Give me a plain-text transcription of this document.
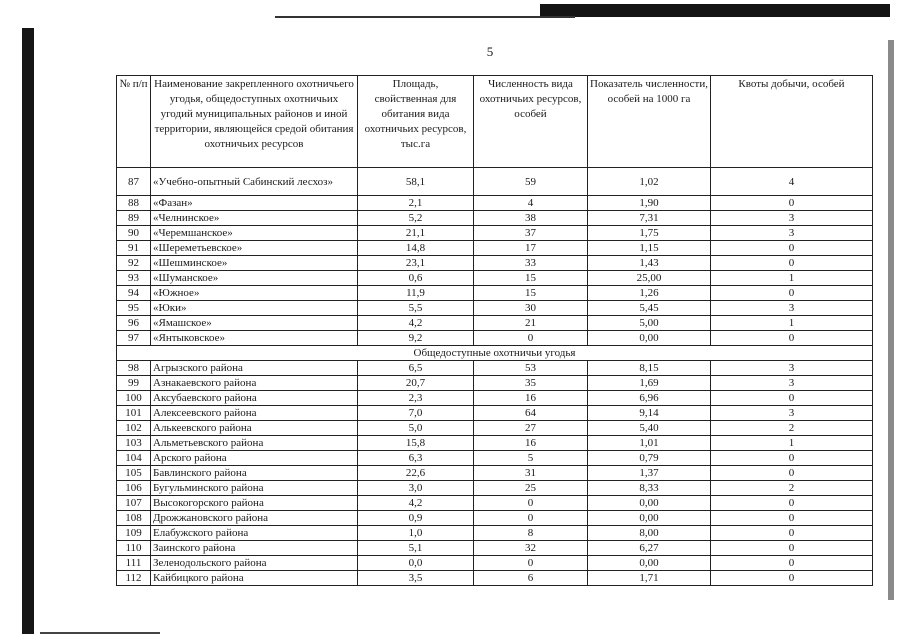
5
№ п/п	Наименование закрепленного охотничьего угодья, общедоступных охотничьих угодий муниципальных районов и иной территории, являющейся средой обитания охотничьих ресурсов	Площадь, свойственная для обитания вида охотничьих ресурсов, тыс.га	Численность вида охотничьих ресурсов, особей	Показатель численности, особей на 1000 га	Квоты добычи, особей
87	«Учебно-опытный Сабинский лесхоз»	58,1	59	1,02	4
88	«Фазан»	2,1	4	1,90	0
89	«Челнинское»	5,2	38	7,31	3
90	«Черемшанское»	21,1	37	1,75	3
91	«Шереметьевское»	14,8	17	1,15	0
92	«Шешминское»	23,1	33	1,43	0
93	«Шуманское»	0,6	15	25,00	1
94	«Южное»	11,9	15	1,26	0
95	«Юки»	5,5	30	5,45	3
96	«Ямашское»	4,2	21	5,00	1
97	«Янтыковское»	9,2	0	0,00	0
Общедоступные охотничьи угодья					
98	Агрызского района	6,5	53	8,15	3
99	Азнакаевского района	20,7	35	1,69	3
100	Аксубаевского района	2,3	16	6,96	0
101	Алексеевского района	7,0	64	9,14	3
102	Алькеевского района	5,0	27	5,40	2
103	Альметьевского района	15,8	16	1,01	1
104	Арского района	6,3	5	0,79	0
105	Бавлинского района	22,6	31	1,37	0
106	Бугульминского района	3,0	25	8,33	2
107	Высокогорского района	4,2	0	0,00	0
108	Дрожжановского района	0,9	0	0,00	0
109	Елабужского района	1,0	8	8,00	0
110	Заинского района	5,1	32	6,27	0
111	Зеленодольского района	0,0	0	0,00	0
112	Кайбицкого района	3,5	6	1,71	0
